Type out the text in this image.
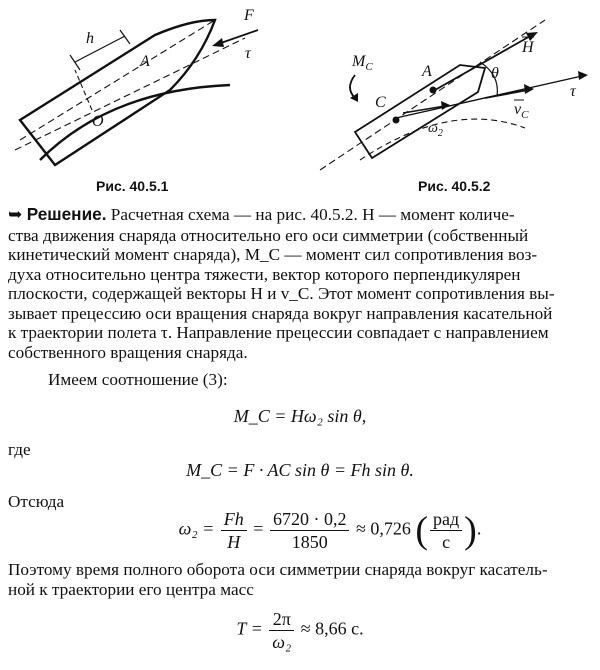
h
F
A
O
τ
Рис. 40.5.1
$M_C$	A
C
H
θ
$v_C$
$\omega_2$
τ
Рис. 40.5.2
➥ Решение. Расчетная схема — на рис. 40.5.2. H — момент количе-
ства движения снаряда относительно его оси симметрии (собственный
кинетический момент снаряда), M_C — момент сил сопротивления воз-
духа относительно центра тяжести, вектор которого перпендикулярен
плоскости, содержащей векторы H и v_C. Этот момент сопротивления вы-
зывает прецессию оси вращения снаряда вокруг направления касательной
к траектории полета τ. Направление прецессии совпадает с направлением
собственного вращения снаряда.
Имеем соотношение (3):
M_C = Hω₂ sin θ,
где
M_C = F · AC sin θ = Fh sin θ.
Отсюда
$\omega_2 = \frac{Fh}{H} = \frac{6720 \cdot 0,2}{1850} \approx 0,726$ ( $\frac{\text{рад}}{с}$ ).
Поэтому время полного оборота оси симметрии снаряда вокруг касатель-
ной к траектории его центра масс
$T = \frac{2\pi}{\text{ω₂}} \approx 8,66$ с.
